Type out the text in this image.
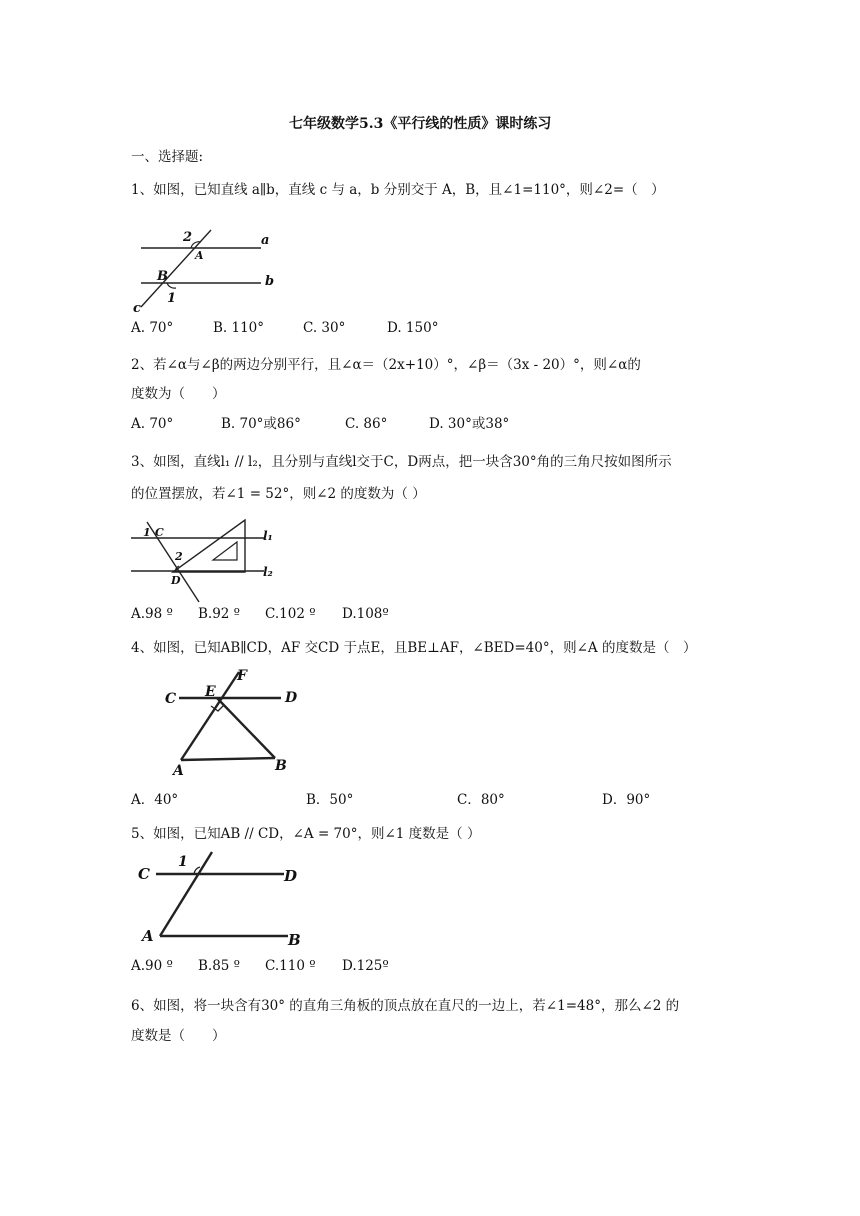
七年级数学5.3《平行线的性质》课时练习
一、选择题:
1、如图，已知直线 a∥b，直线 c 与 a，b 分别交于 A，B，且∠1=110°，则∠2=（　）
2	a
A
B	b
1
c
A. 70°	B. 110°	C. 30°	D. 150°
2、若∠α与∠β的两边分别平行，且∠α＝（2x+10）°，∠β＝（3x - 20）°，则∠α的
度数为（　　）
A. 70°	B. 70°或86°	C. 86°	D. 30°或38°
3、如图，直线l₁ // l₂，且分别与直线l交于C，D两点，把一块含30°角的三角尺按如图所示
的位置摆放，若∠1 = 52°，则∠2 的度数为（ ）
1 C
2
D
l₁
l₂
A.98 º B.92 º C.102 º D.108º
4、如图，已知AB∥CD，AF 交CD 于点E，且BE⊥AF，∠BED=40°，则∠A 的度数是（　）
F
E
C	D
A	B
A．40°	B．50°	C．80°	D．90°
5、如图，已知AB // CD，∠A = 70°，则∠1 度数是（ ）
1
C	D
A	B
A.90 º B.85 º C.110 º D.125º
6、如图，将一块含有30° 的直角三角板的顶点放在直尺的一边上，若∠1=48°，那么∠2 的
度数是（　　）
